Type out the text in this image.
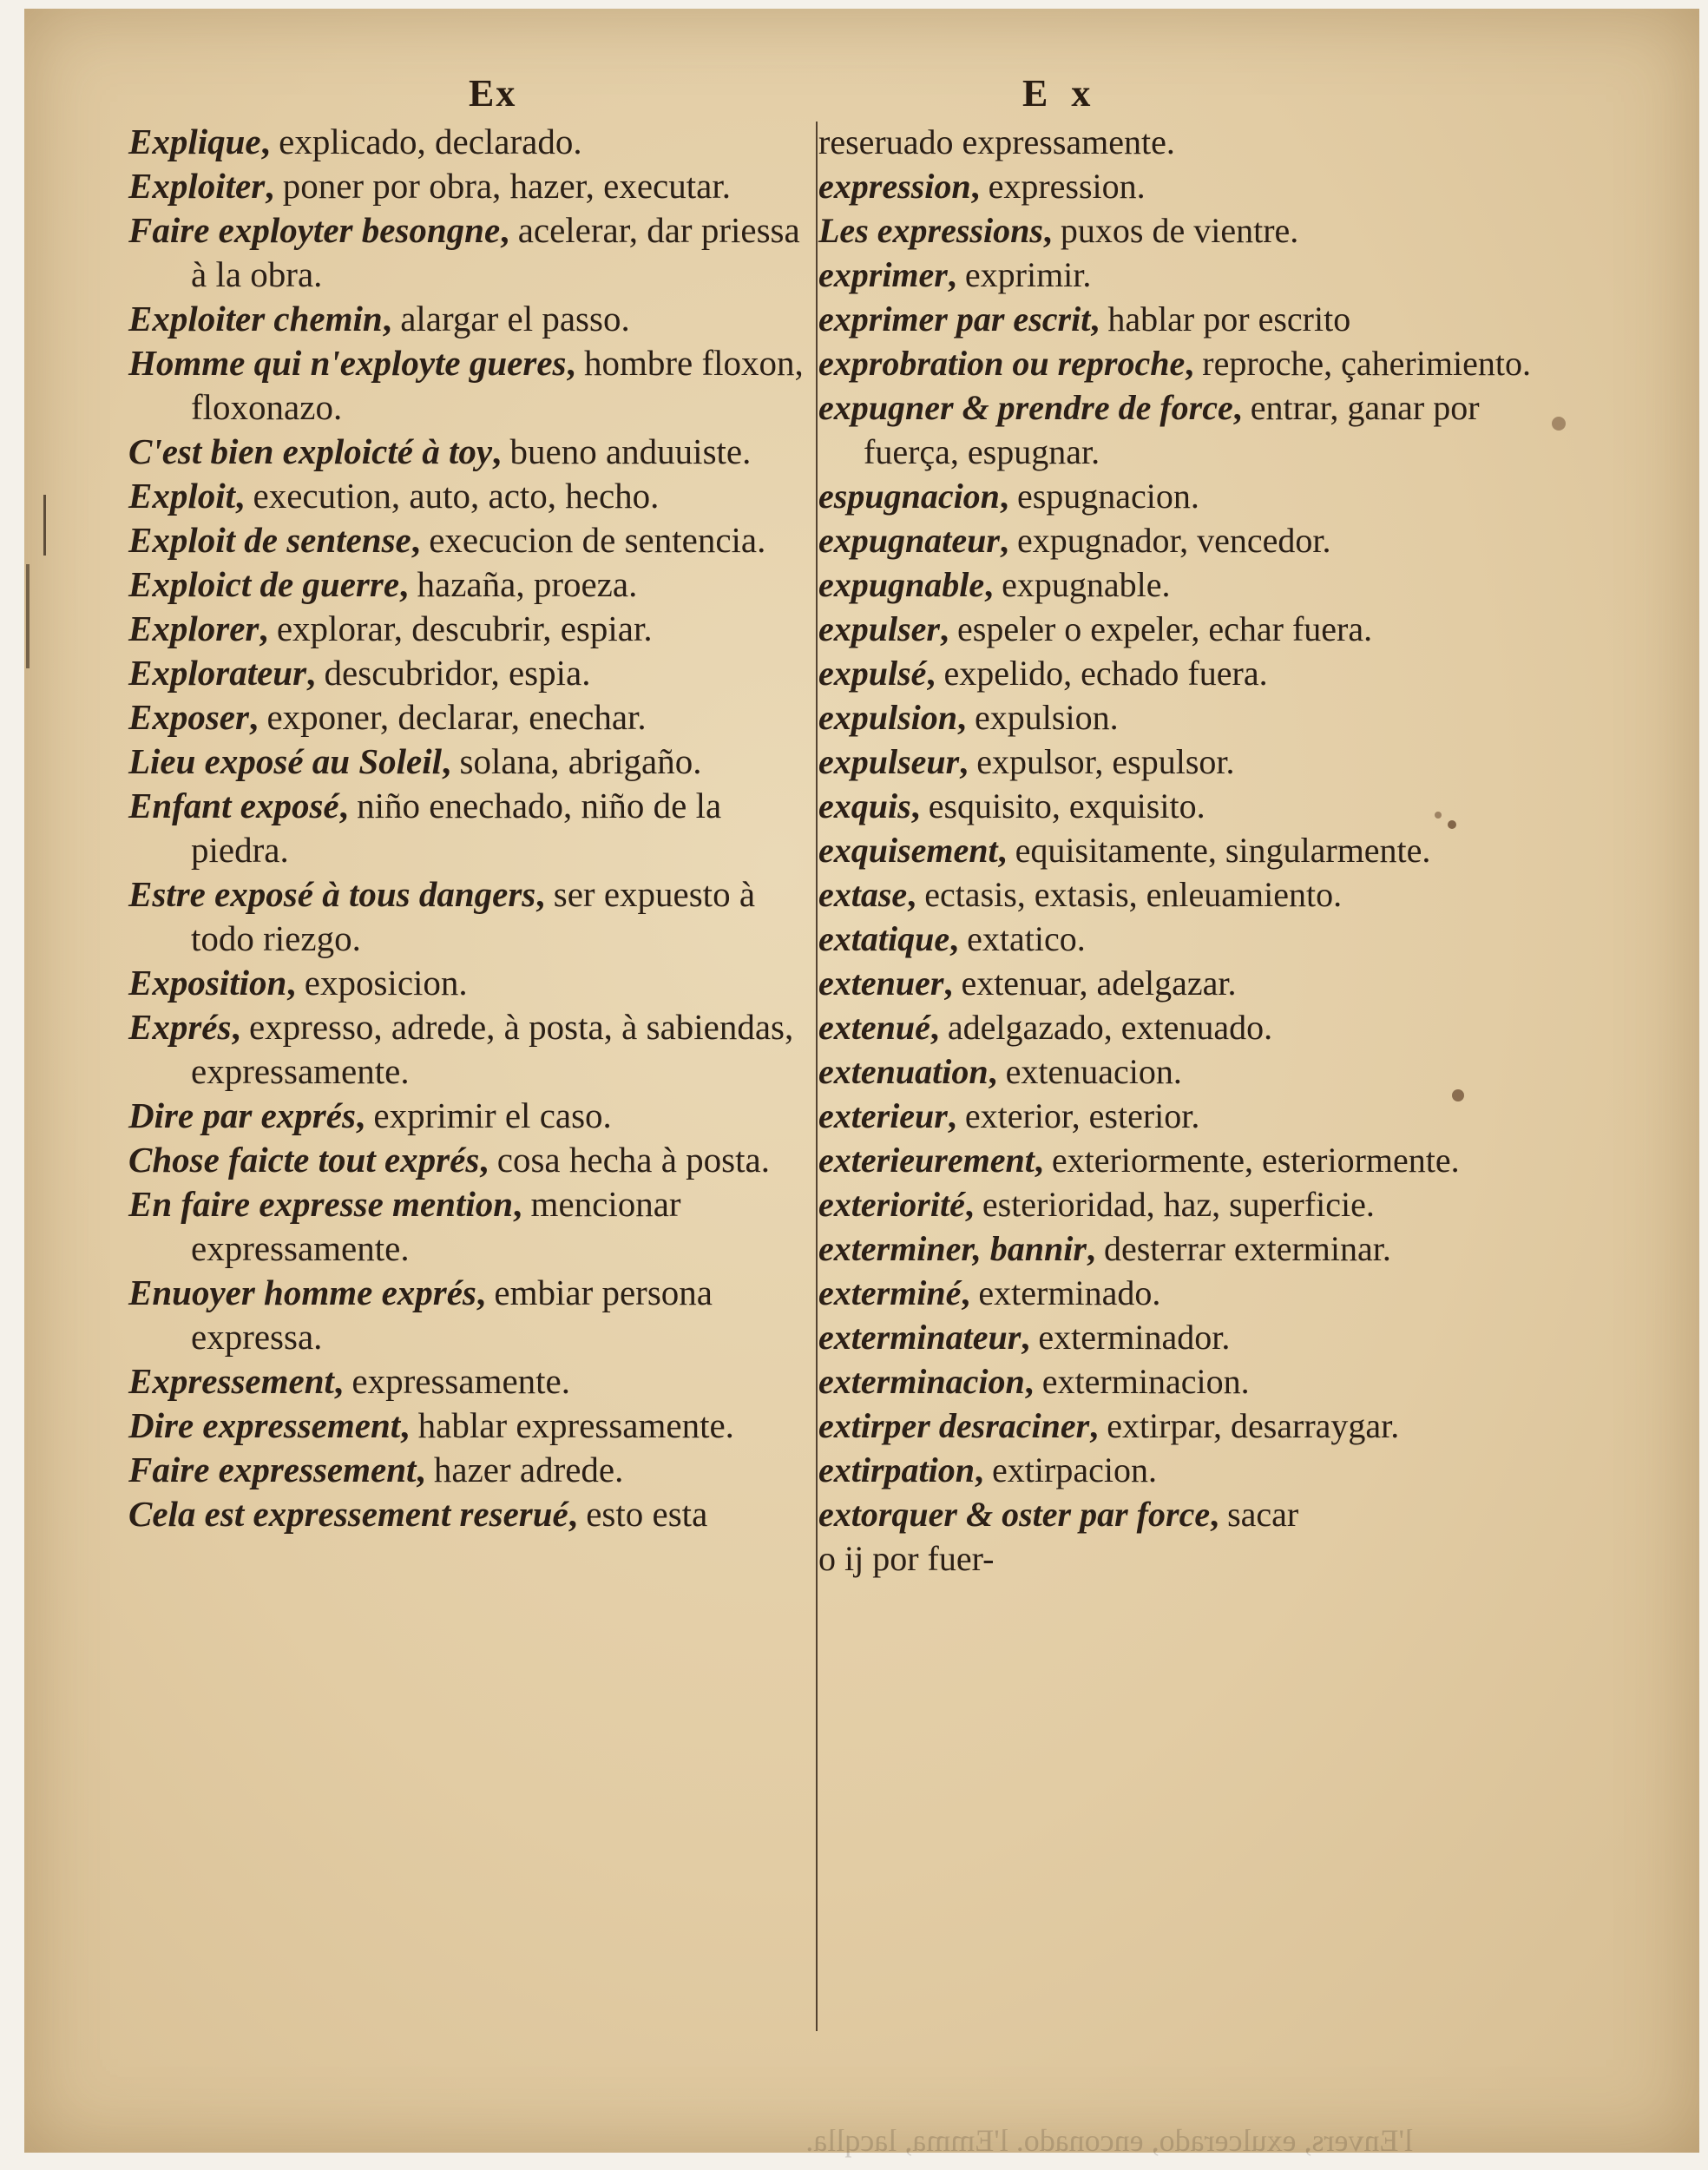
Ex	E x

Explique, explicado, declarado.

Exploiter, poner por obra, hazer, executar.

Faire exployter besongne, acelerar, dar priessa à la obra.

Exploiter chemin, alargar el passo.

Homme qui n'exployte gueres, hombre floxon, floxonazo.

C'est bien exploicté à toy, bueno anduuiste.

Exploit, execution, auto, acto, hecho.

Exploit de sentense, execucion de sentencia.

Exploict de guerre, hazaña, proeza.

Explorer, explorar, descubrir, espiar.

Explorateur, descubridor, espia.

Exposer, exponer, declarar, enechar.

Lieu exposé au Soleil, solana, abrigaño.

Enfant exposé, niño enechado, niño de la piedra.

Estre exposé à tous dangers, ser expuesto à todo riezgo.

Exposition, exposicion.

Exprés, expresso, adrede, à posta, à sabiendas, expressamente.

Dire par exprés, exprimir el caso.

Chose faicte tout exprés, cosa hecha à posta.

En faire expresse mention, mencionar expressamente.

Enuoyer homme exprés, embiar persona expressa.

Expressement, expressamente.

Dire expressement, hablar expressamente.

Faire expressement, hazer adrede.

Cela est expressement reserué, esto esta

reseruado expressamente.

expression, expression.

Les expressions, puxos de vientre.

exprimer, exprimir.

exprimer par escrit, hablar por escrito

exprobration ou reproche, reproche, çaherimiento.

expugner & prendre de force, entrar, ganar por fuerça, espugnar.

espugnacion, espugnacion.

expugnateur, expugnador, vencedor.

expugnable, expugnable.

expulser, espeler o expeler, echar fuera.

expulsé, expelido, echado fuera.

expulsion, expulsion.

expulseur, expulsor, espulsor.

exquis, esquisito, exquisito.

exquisement, equisitamente, singularmente.

extase, ectasis, extasis, enleuamiento.

extatique, extatico.

extenuer, extenuar, adelgazar.

extenué, adelgazado, extenuado.

extenuation, extenuacion.

exterieur, exterior, esterior.

exterieurement, exteriormente, esteriormente.

exteriorité, esterioridad, haz, superficie.

exterminer, bannir, desterrar exterminar.

exterminé, exterminado.

exterminateur, exterminador.

exterminacion, exterminacion.

extirper desraciner, extirpar, desarraygar.

extirpation, extirpacion.

extorquer & oster par force, sacar

o ij por fuer-

l'Envers, exulcerado, enconado. l'Emma, lacqlla.
